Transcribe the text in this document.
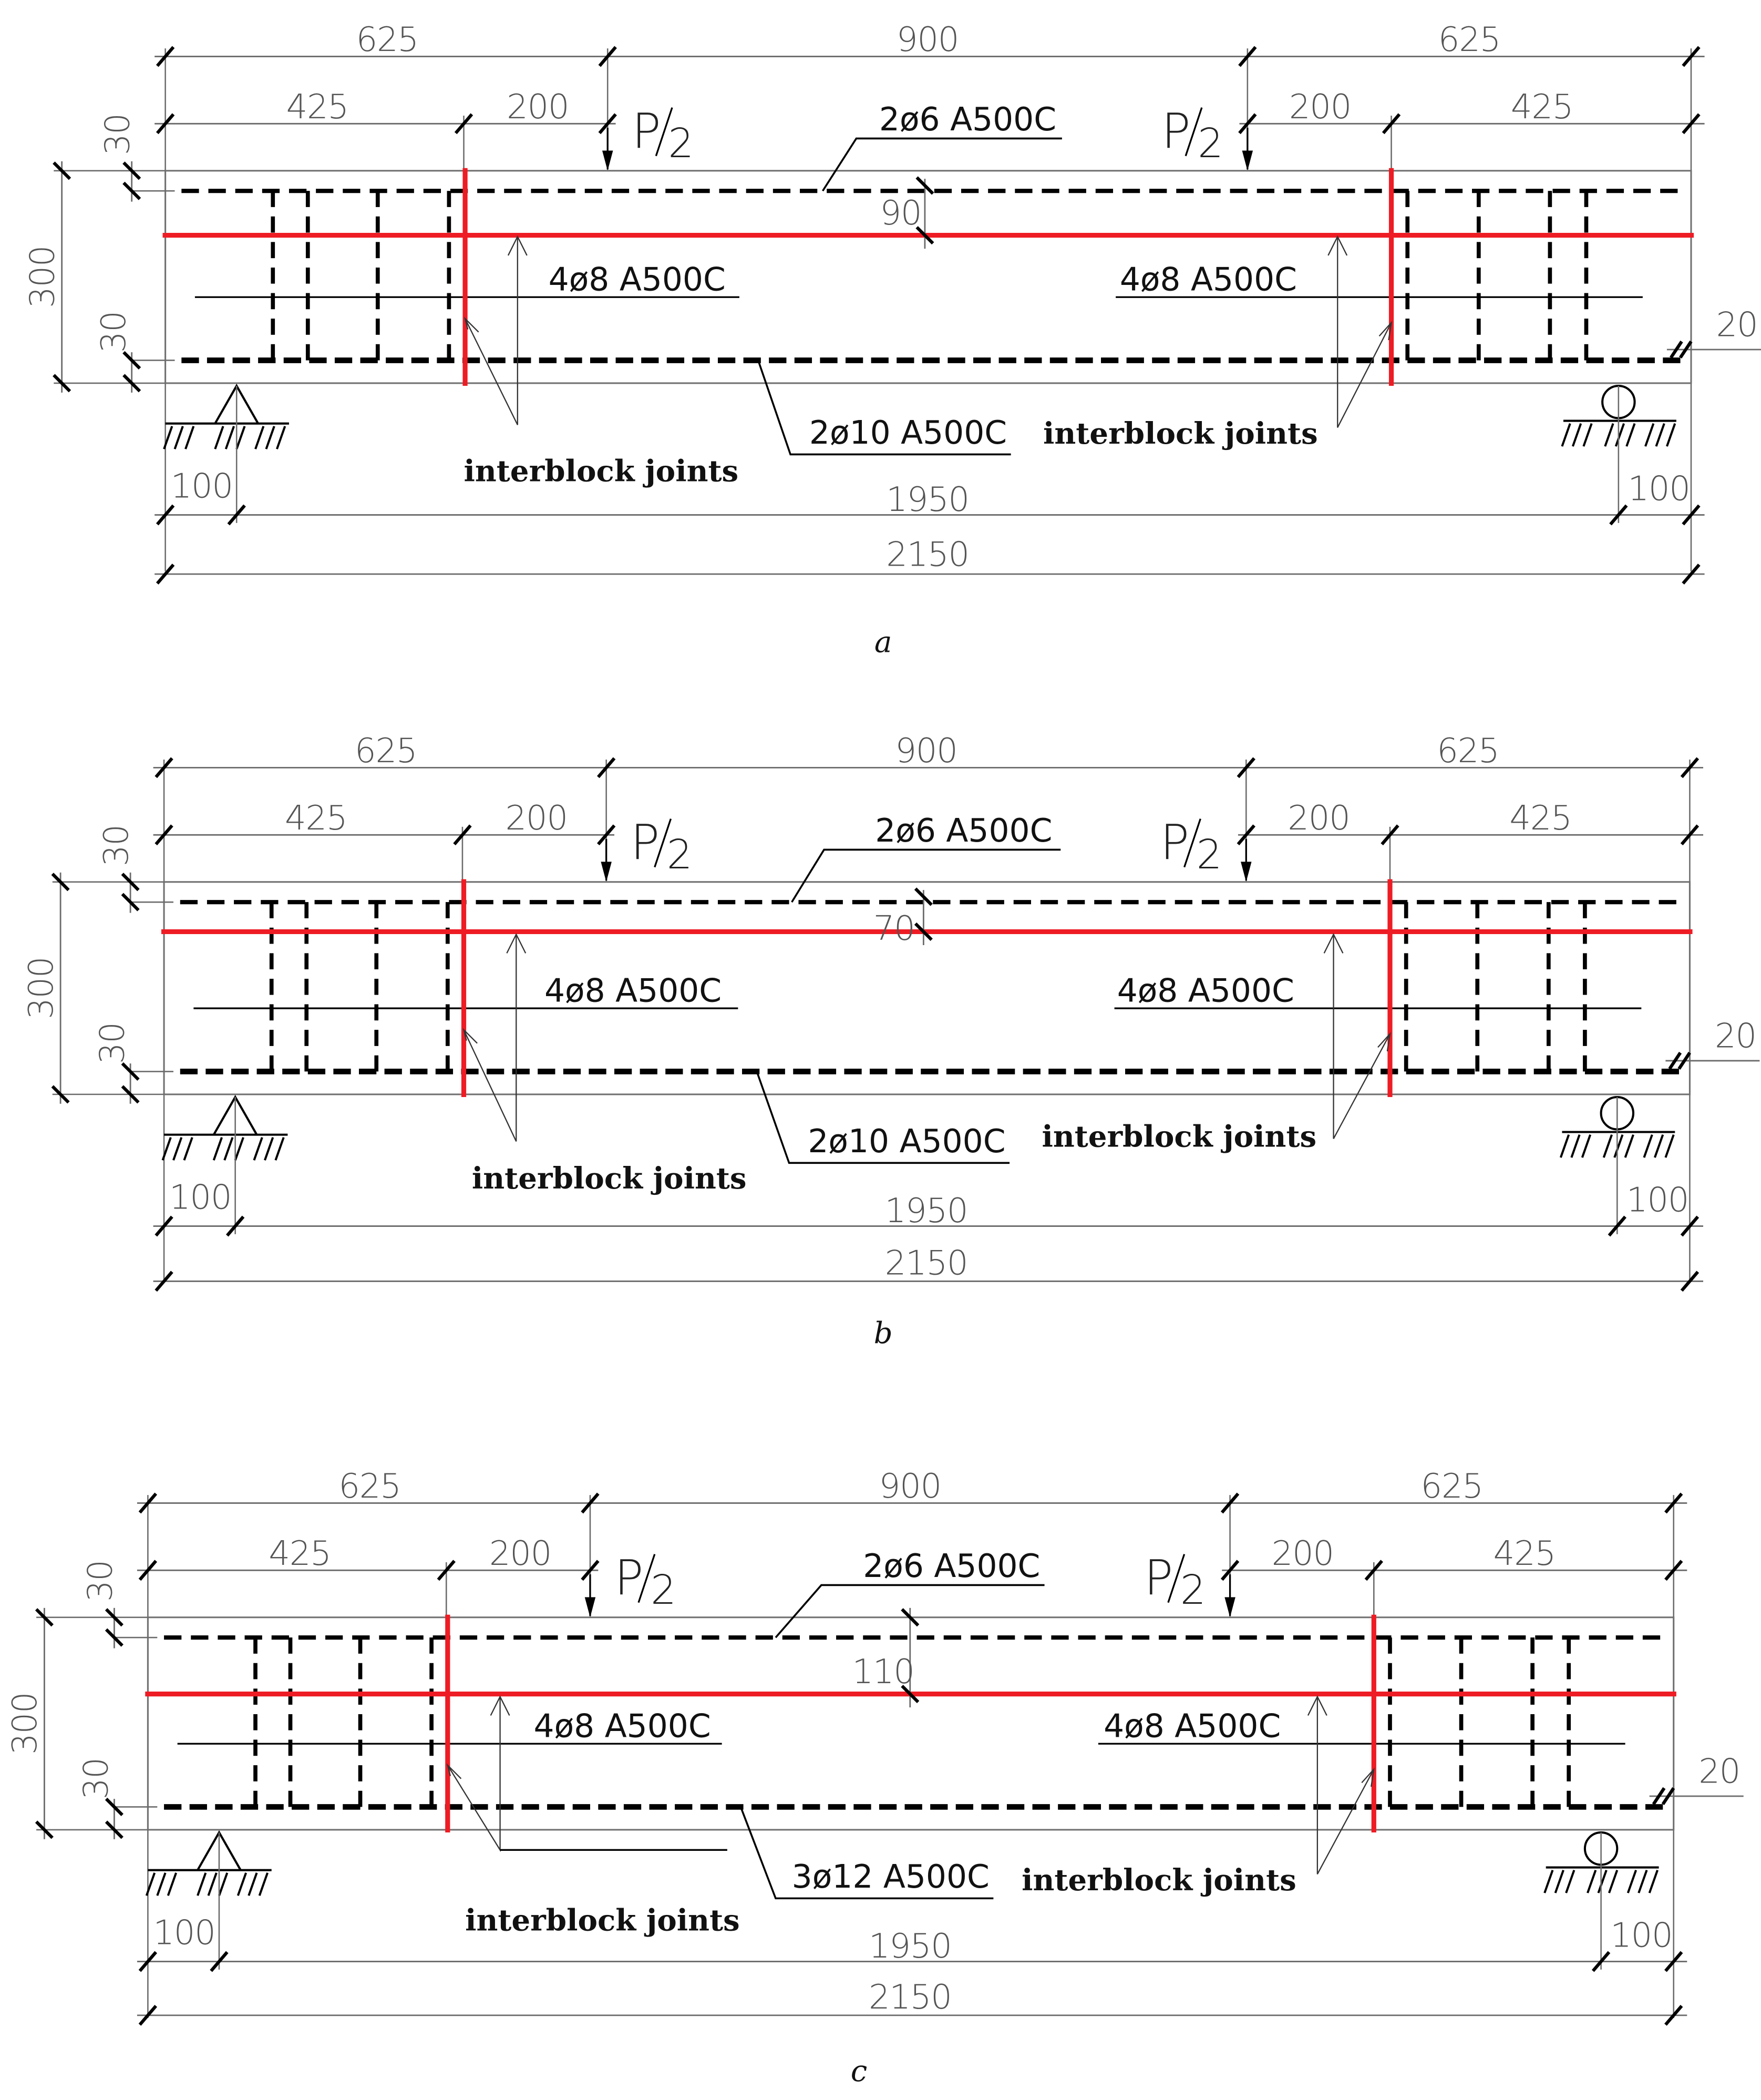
625	900	625
425	200	200	425
P 2	P 2
300
30
30
90
2ø6 A500C
4ø8 A500C	4ø8 A500C
2ø10 A500C
interblock joints
interblock joints
20
100	100
1950
2150
a
625	900	625
425	200	200	425
P 2	P 2
300
30
30
70
2ø6 A500C
4ø8 A500C	4ø8 A500C
2ø10 A500C
interblock joints
interblock joints
20
100	100
1950
2150
b
625	900	625
425	200	200	425
P 2	P 2
300
30
30
110
2ø6 A500C
4ø8 A500C	4ø8 A500C
3ø12 A500C
interblock joints
interblock joints
20
100	100
1950
2150
c
